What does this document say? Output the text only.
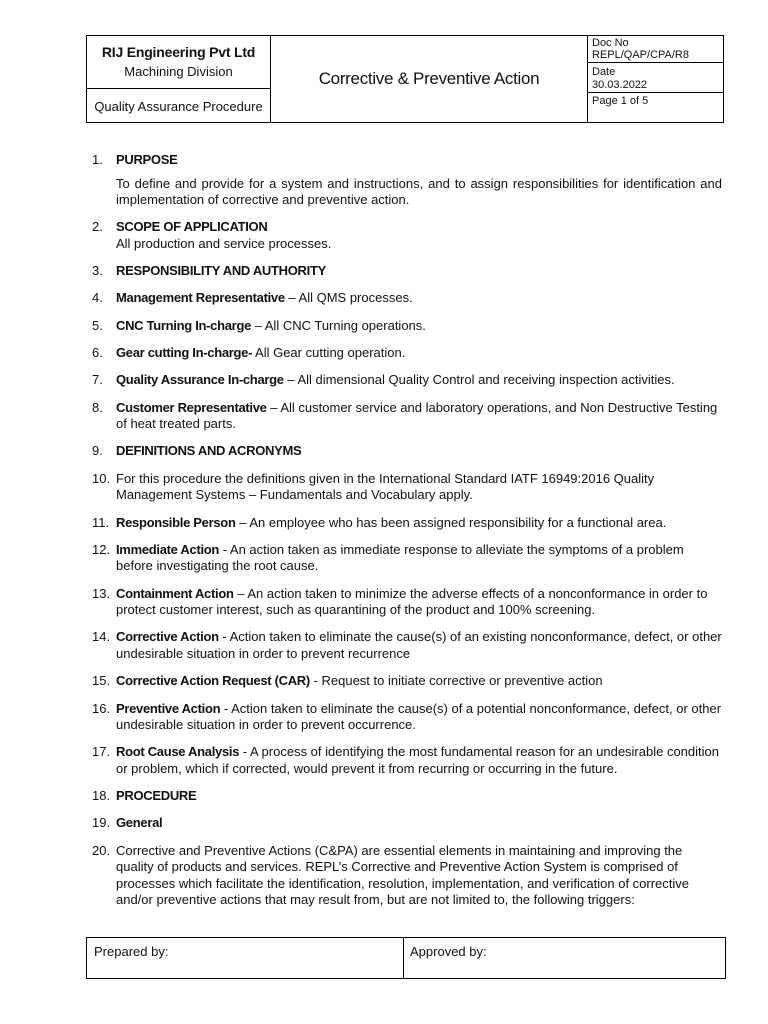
RIJ Engineering Pvt Ltd
Machining Division
Quality Assurance Procedure
Corrective & Preventive Action
Doc No
REPL/QAP/CPA/R8
Date
30.03.2022
Page 1 of 5
1. PURPOSE
To define and provide for a system and instructions, and to assign responsibilities for identification and implementation of corrective and preventive action.
2. SCOPE OF APPLICATION
All production and service processes.
3. RESPONSIBILITY AND AUTHORITY
4. Management Representative – All QMS processes.
5. CNC Turning In-charge – All CNC Turning operations.
6. Gear cutting In-charge- All Gear cutting operation.
7. Quality Assurance In-charge – All dimensional Quality Control and receiving inspection activities.
8. Customer Representative – All customer service and laboratory operations, and Non Destructive Testing of heat treated parts.
9. DEFINITIONS AND ACRONYMS
10. For this procedure the definitions given in the International Standard IATF 16949:2016 Quality Management Systems – Fundamentals and Vocabulary apply.
11. Responsible Person – An employee who has been assigned responsibility for a functional area.
12. Immediate Action - An action taken as immediate response to alleviate the symptoms of a problem before investigating the root cause.
13. Containment Action – An action taken to minimize the adverse effects of a nonconformance in order to protect customer interest, such as quarantining of the product and 100% screening.
14. Corrective Action - Action taken to eliminate the cause(s) of an existing nonconformance, defect, or other undesirable situation in order to prevent recurrence
15. Corrective Action Request (CAR) - Request to initiate corrective or preventive action
16. Preventive Action - Action taken to eliminate the cause(s) of a potential nonconformance, defect, or other undesirable situation in order to prevent occurrence.
17. Root Cause Analysis - A process of identifying the most fundamental reason for an undesirable condition or problem, which if corrected, would prevent it from recurring or occurring in the future.
18. PROCEDURE
19. General
20. Corrective and Preventive Actions (C&PA) are essential elements in maintaining and improving the quality of products and services. REPL’s Corrective and Preventive Action System is comprised of processes which facilitate the identification, resolution, implementation, and verification of corrective and/or preventive actions that may result from, but are not limited to, the following triggers:
Prepared by:	Approved by:
